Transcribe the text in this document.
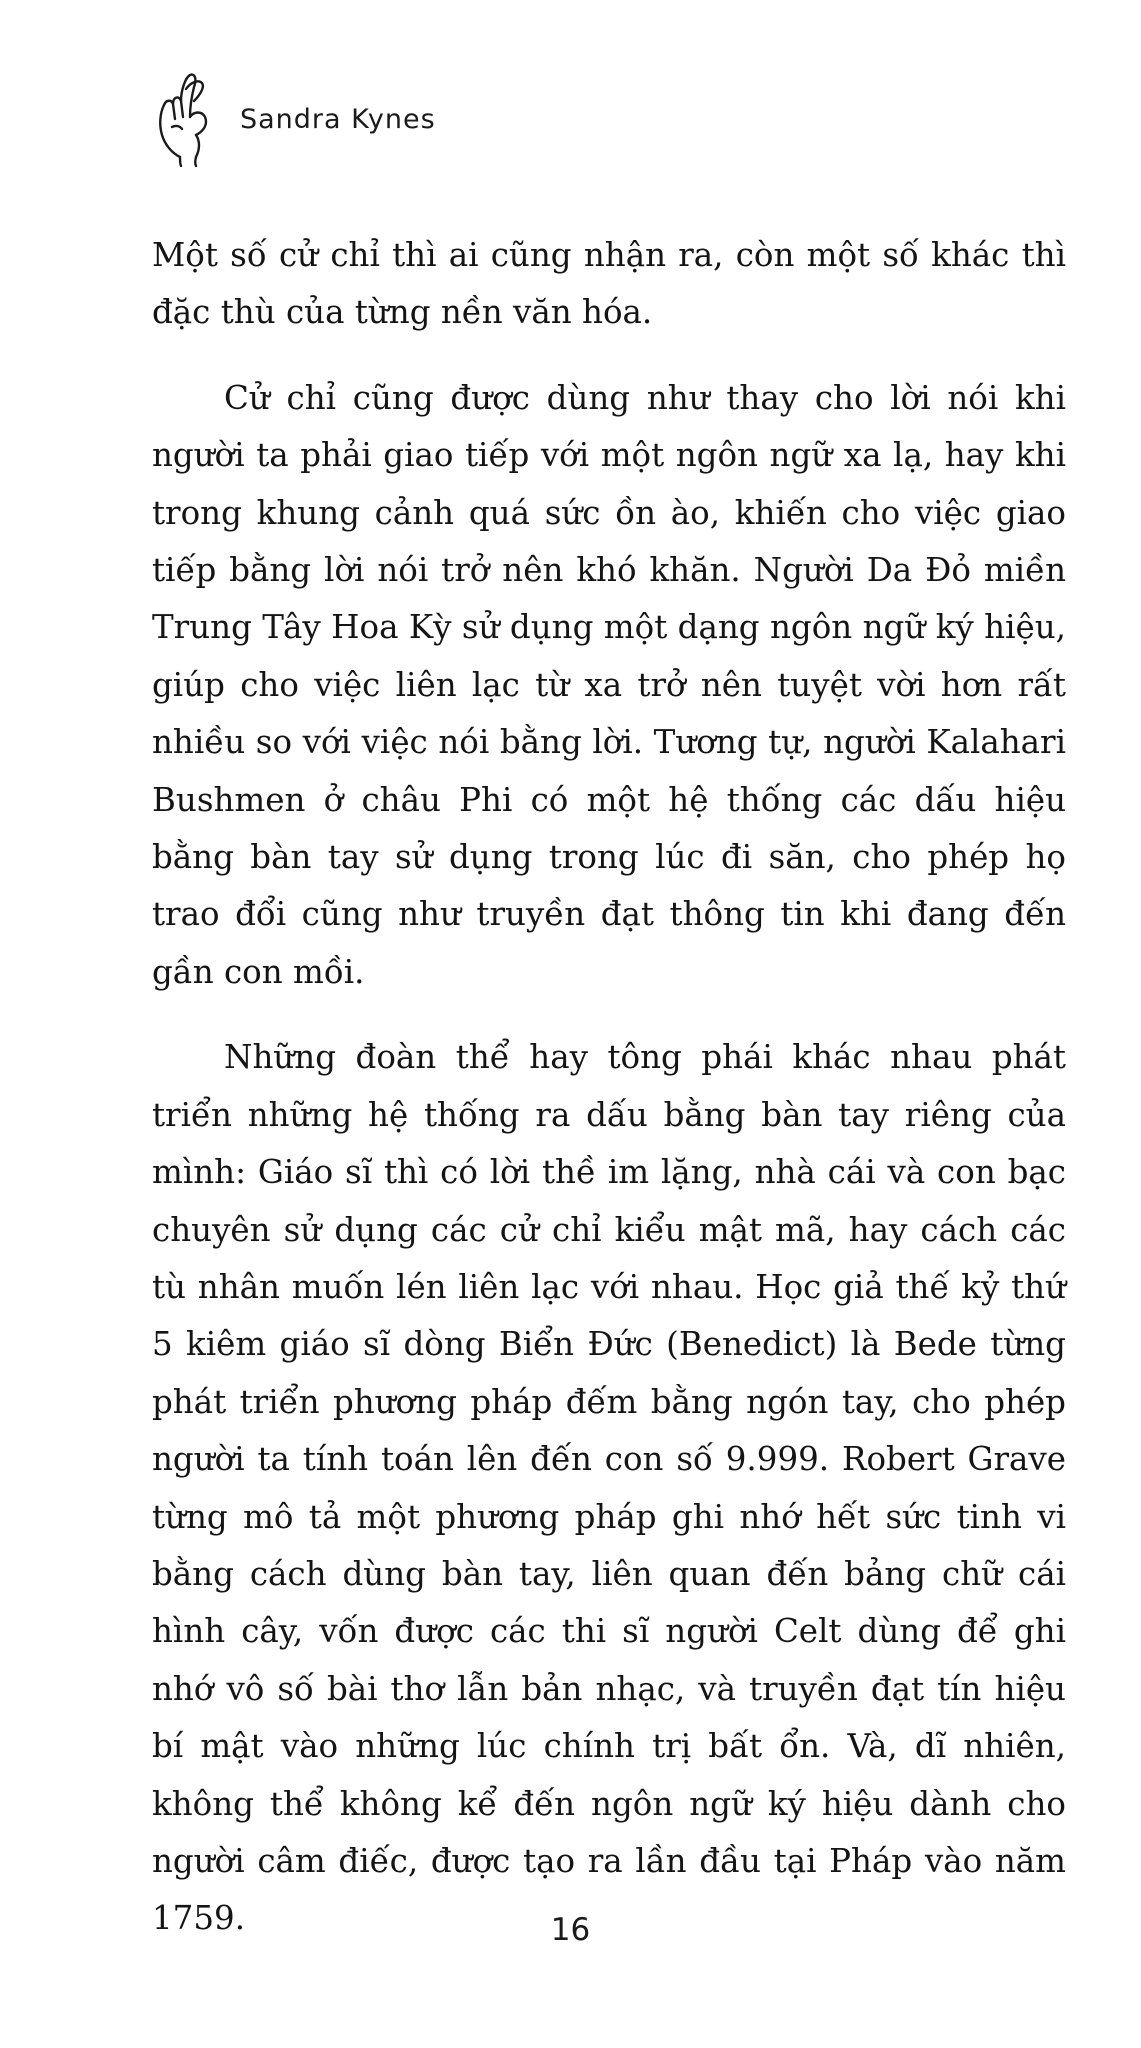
Sandra Kynes

Một số cử chỉ thì ai cũng nhận ra, còn một số khác thì đặc thù của từng nền văn hóa.

Cử chỉ cũng được dùng như thay cho lời nói khi người ta phải giao tiếp với một ngôn ngữ xa lạ, hay khi trong khung cảnh quá sức ồn ào, khiến cho việc giao tiếp bằng lời nói trở nên khó khăn. Người Da Đỏ miền Trung Tây Hoa Kỳ sử dụng một dạng ngôn ngữ ký hiệu, giúp cho việc liên lạc từ xa trở nên tuyệt vời hơn rất nhiều so với việc nói bằng lời. Tương tự, người Kalahari Bushmen ở châu Phi có một hệ thống các dấu hiệu bằng bàn tay sử dụng trong lúc đi săn, cho phép họ trao đổi cũng như truyền đạt thông tin khi đang đến gần con mồi.

Những đoàn thể hay tông phái khác nhau phát triển những hệ thống ra dấu bằng bàn tay riêng của mình: Giáo sĩ thì có lời thề im lặng, nhà cái và con bạc chuyên sử dụng các cử chỉ kiểu mật mã, hay cách các tù nhân muốn lén liên lạc với nhau. Học giả thế kỷ thứ 5 kiêm giáo sĩ dòng Biển Đức (Benedict) là Bede từng phát triển phương pháp đếm bằng ngón tay, cho phép người ta tính toán lên đến con số 9.999. Robert Grave từng mô tả một phương pháp ghi nhớ hết sức tinh vi bằng cách dùng bàn tay, liên quan đến bảng chữ cái hình cây, vốn được các thi sĩ người Celt dùng để ghi nhớ vô số bài thơ lẫn bản nhạc, và truyền đạt tín hiệu bí mật vào những lúc chính trị bất ổn. Và, dĩ nhiên, không thể không kể đến ngôn ngữ ký hiệu dành cho người câm điếc, được tạo ra lần đầu tại Pháp vào năm 1759.	16
